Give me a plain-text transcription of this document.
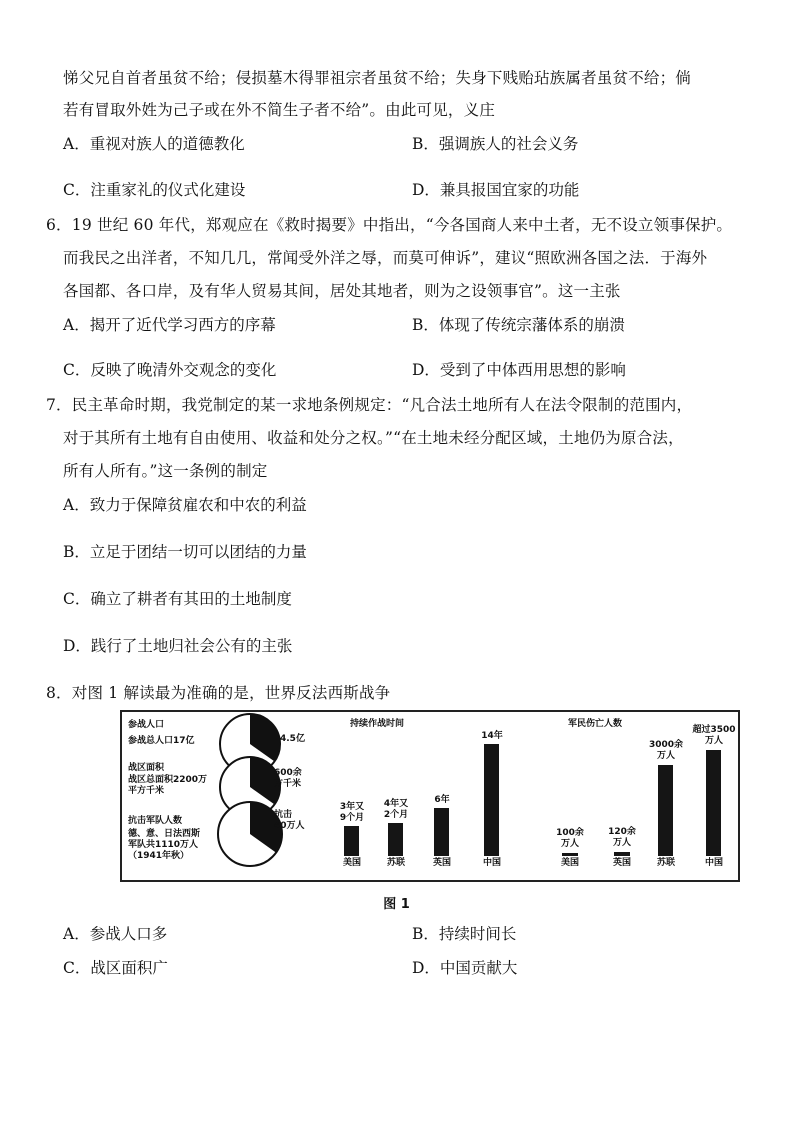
悌父兄自首者虽贫不给；侵损墓木得罪祖宗者虽贫不给；失身下贱贻玷族属者虽贫不给；倘
若有冒取外姓为己子或在外不简生子者不给”。由此可见，义庄
A．重视对族人的道德教化	B．强调族人的社会义务
C．注重家礼的仪式化建设	D．兼具报国宜家的功能
6．19 世纪 60 年代，郑观应在《救时揭要》中指出，“今各国商人来中土者，无不设立领事保护。
而我民之出洋者，不知几几，常闻受外洋之辱，而莫可伸诉”，建议“照欧洲各国之法．于海外
各国都、各口岸，及有华人贸易其间，居处其地者，则为之设领事官”。这一主张
A．揭开了近代学习西方的序幕	B．体现了传统宗藩体系的崩溃
C．反映了晚清外交观念的变化	D．受到了中体西用思想的影响
7．民主革命时期，我党制定的某一求地条例规定：“凡合法土地所有人在法令限制的范围内，
对于其所有土地有自由使用、收益和处分之权。”“在土地未经分配区域，土地仍为原合法，
所有人所有。”这一条例的制定
A．致力于保障贫雇农和中农的利益
B．立足于团结一切可以团结的力量
C．确立了耕者有其田的土地制度
D．践行了土地归社会公有的主张
8．对图 1 解读最为准确的是，世界反法西斯战争
参战人口
参战总人口17亿
战区面积
战区总面积2200万
平方千米
抗击军队人数
德、意、日法西斯
军队共1110万人
（1941年秋）
4.5亿
600余
方千米
抗击
40万人
持续作战时间
3年又
9个月
美国
4年又
2个月
苏联
6年
英国
14年
中国
军民伤亡人数
100余
万人
美国
120余
万人
英国
3000余
万人
苏联
超过3500
万人
中国
图 1
A．参战人口多	B．持续时间长
C．战区面积广	D．中国贡献大
